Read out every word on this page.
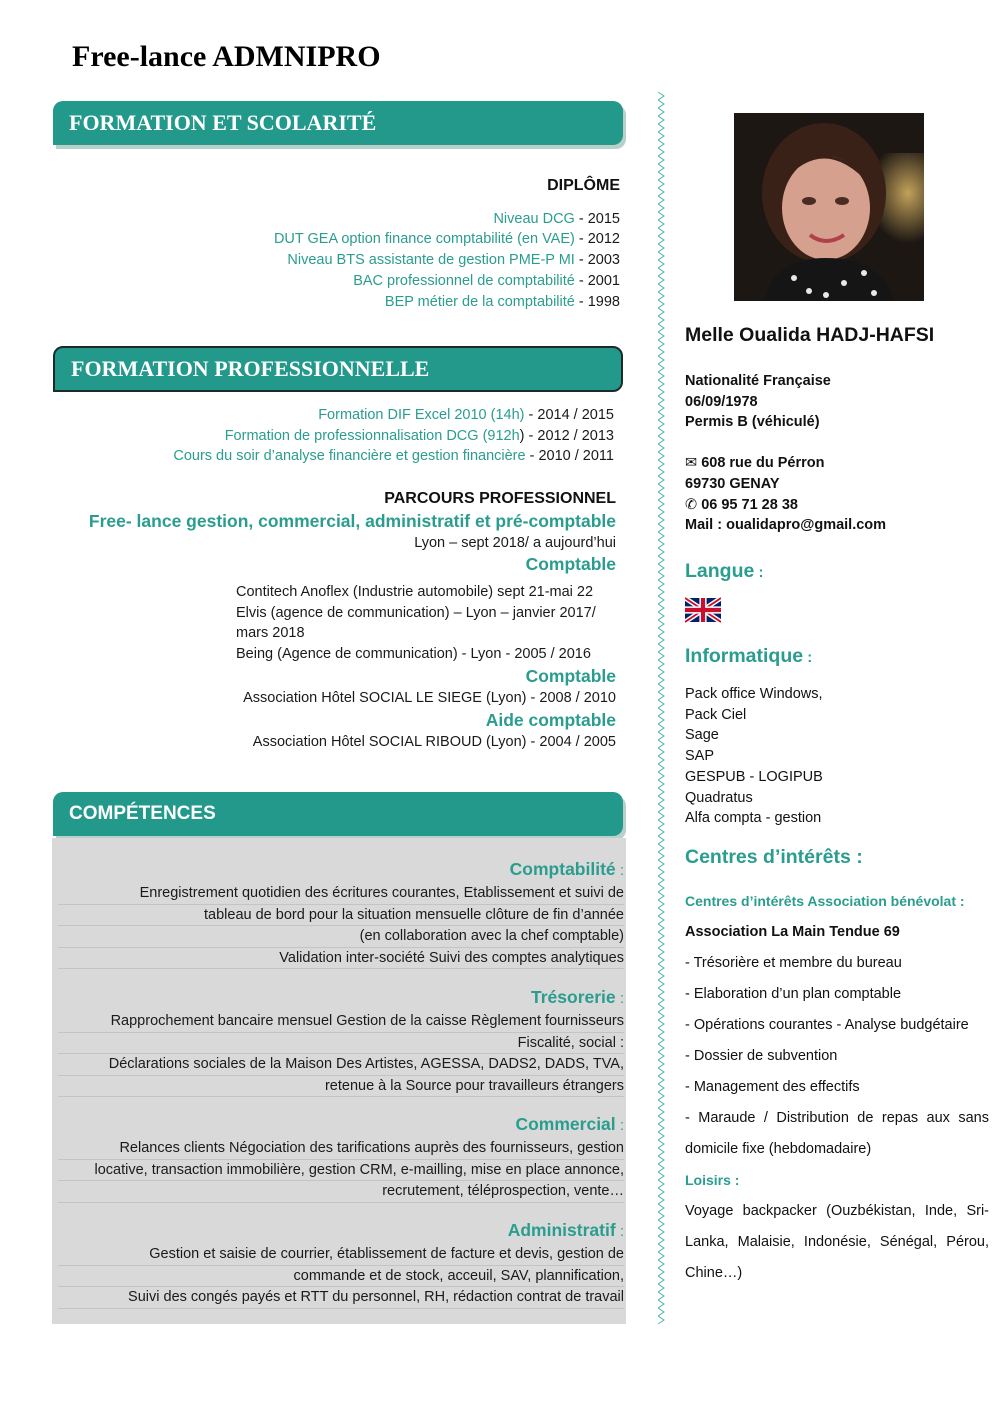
Free-lance ADMNIPRO
FORMATION ET SCOLARITÉ
DIPLÔME
Niveau DCG - 2015
DUT GEA option finance comptabilité (en VAE) - 2012
Niveau BTS assistante de gestion PME-P MI - 2003
BAC professionnel de comptabilité - 2001
BEP métier de la comptabilité - 1998
FORMATION PROFESSIONNELLE
Formation DIF Excel 2010 (14h) - 2014 / 2015
Formation de professionnalisation DCG (912h) - 2012 / 2013
Cours du soir d’analyse financière et gestion financière - 2010 / 2011
PARCOURS PROFESSIONNEL
Free- lance gestion, commercial, administratif et pré-comptable
Lyon – sept 2018/ a aujourd’hui
Comptable
Contitech Anoflex (Industrie automobile) sept 21-mai 22
Elvis (agence de communication) – Lyon – janvier 2017/
mars 2018
Being (Agence de communication) - Lyon - 2005 / 2016
Comptable
Association Hôtel SOCIAL LE SIEGE (Lyon) - 2008 / 2010
Aide comptable
Association Hôtel SOCIAL RIBOUD (Lyon) - 2004 / 2005
COMPÉTENCES
Comptabilité :
Enregistrement quotidien des écritures courantes, Etablissement et suivi de
tableau de bord pour la situation mensuelle clôture de fin d’année
(en collaboration avec la chef comptable)
Validation inter-société Suivi des comptes analytiques
Trésorerie :
Rapprochement bancaire mensuel Gestion de la caisse Règlement fournisseurs
Fiscalité, social :
Déclarations sociales de la Maison Des Artistes, AGESSA, DADS2, DADS, TVA,
retenue à la Source pour travailleurs étrangers
Commercial :
Relances clients Négociation des tarifications auprès des fournisseurs, gestion
locative, transaction immobilière, gestion CRM, e-mailling, mise en place annonce,
recrutement, téléprospection, vente…
Administratif :
Gestion et saisie de courrier, établissement de facture et devis, gestion de
commande et de stock, acceuil, SAV, plannification,
Suivi des congés payés et RTT du personnel, RH, rédaction contrat de travail
Melle Oualida HADJ-HAFSI
Nationalité Française
06/09/1978
Permis B (véhiculé)
✉ 608 rue du Pérron
69730 GENAY
✆ 06 95 71 28 38
Mail : oualidapro@gmail.com
Langue :
Informatique :
Pack office Windows,
Pack Ciel
Sage
SAP
GESPUB - LOGIPUB
Quadratus
Alfa compta - gestion
Centres d’intérêts :
Centres d’intérêts Association bénévolat :
Association La Main Tendue 69
- Trésorière et membre du bureau
- Elaboration d’un plan comptable
- Opérations courantes - Analyse budgétaire
- Dossier de subvention
- Management des effectifs
- Maraude / Distribution de repas aux sans domicile fixe (hebdomadaire)
Loisirs :
Voyage backpacker (Ouzbékistan, Inde, Sri-Lanka, Malaisie, Indonésie, Sénégal, Pérou, Chine…)
